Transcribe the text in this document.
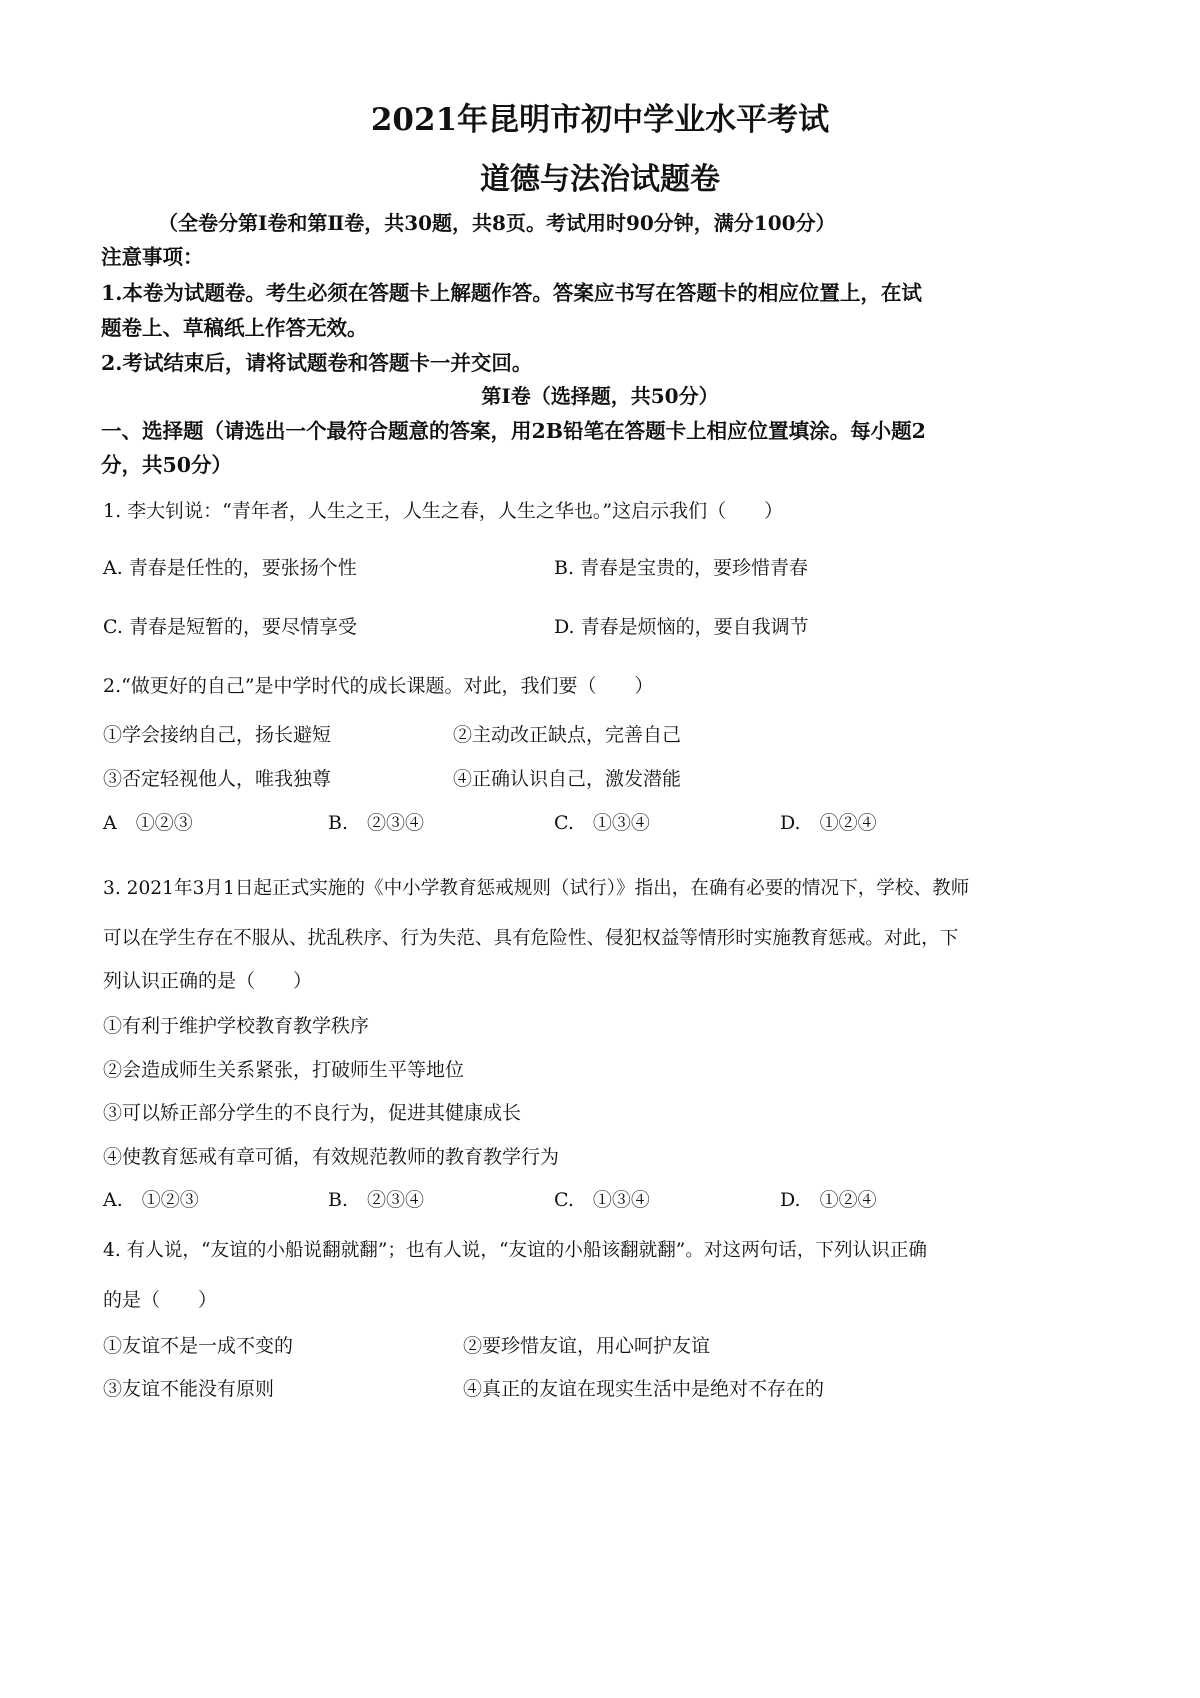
2021年昆明市初中学业水平考试
道德与法治试题卷
（全卷分第Ⅰ卷和第Ⅱ卷，共30题，共8页。考试用时90分钟，满分100分）
注意事项：
1.本卷为试题卷。考生必须在答题卡上解题作答。答案应书写在答题卡的相应位置上，在试
题卷上、草稿纸上作答无效。
2.考试结束后，请将试题卷和答题卡一并交回。
第Ⅰ卷（选择题，共50分）
一、选择题（请选出一个最符合题意的答案，用2B铅笔在答题卡上相应位置填涂。每小题2
分，共50分）
1. 李大钊说：“青年者，人生之王，人生之春，人生之华也。”这启示我们（　　）
A. 青春是任性的，要张扬个性	B. 青春是宝贵的，要珍惜青春
C. 青春是短暂的，要尽情享受	D. 青春是烦恼的，要自我调节
2.“做更好的自己”是中学时代的成长课题。对此，我们要（　　）
①学会接纳自己，扬长避短	②主动改正缺点，完善自己
③否定轻视他人，唯我独尊	④正确认识自己，激发潜能
A　①②③	B.　②③④	C.　①③④	D.　①②④
3. 2021年3月1日起正式实施的《中小学教育惩戒规则（试行）》指出，在确有必要的情况下，学校、教师
可以在学生存在不服从、扰乱秩序、行为失范、具有危险性、侵犯权益等情形时实施教育惩戒。对此，下
列认识正确的是（　　）
①有利于维护学校教育教学秩序
②会造成师生关系紧张，打破师生平等地位
③可以矫正部分学生的不良行为，促进其健康成长
④使教育惩戒有章可循，有效规范教师的教育教学行为
A.　①②③	B.　②③④	C.　①③④	D.　①②④
4. 有人说，“友谊的小船说翻就翻”；也有人说，“友谊的小船该翻就翻”。对这两句话，下列认识正确
的是（　　）
①友谊不是一成不变的	②要珍惜友谊，用心呵护友谊
③友谊不能没有原则	④真正的友谊在现实生活中是绝对不存在的
